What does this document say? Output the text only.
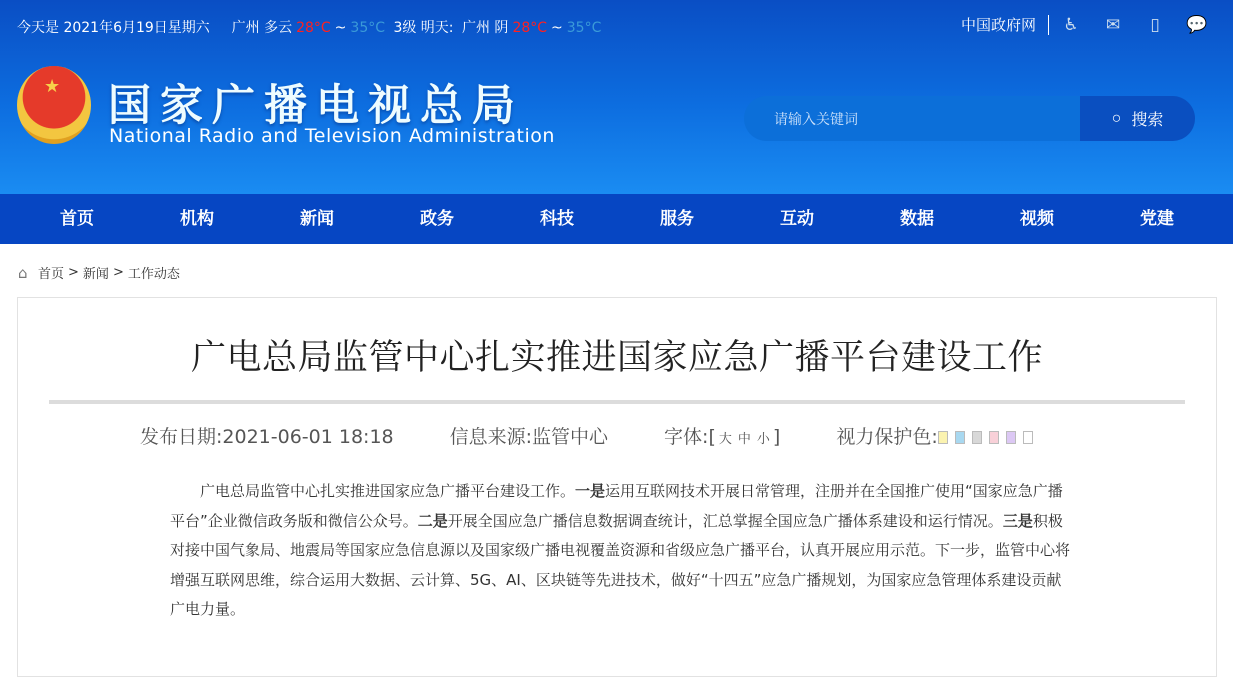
今天是 2021年6月19日星期六 广州 多云 28°C ~ 35°C 3级 明天: 广州 阴 28°C ~ 35°C	中国政府网 ♿ ✉	▯	💬
★
国家广播电视总局
National Radio and Television Administration
请输入关键词
○ 搜索
首页	机构	新闻	政务	科技	服务	互动	数据	视频	党建
⌂ 首页 > 新闻 > 工作动态
广电总局监管中心扎实推进国家应急广播平台建设工作
发布日期:2021-06-01 18:18	信息来源:监管中心	字体:[ 大 中 小 ]	视力保护色:

广电总局监管中心扎实推进国家应急广播平台建设工作。一是运用互联网技术开展日常管理，注册并在全国推广使用“国家应急广播平台”企业微信政务版和微信公众号。二是开展全国应急广播信息数据调查统计，汇总掌握全国应急广播体系建设和运行情况。三是积极对接中国气象局、地震局等国家应急信息源以及国家级广播电视覆盖资源和省级应急广播平台，认真开展应用示范。下一步，监管中心将增强互联网思维，综合运用大数据、云计算、5G、AI、区块链等先进技术，做好“十四五”应急广播规划，为国家应急管理体系建设贡献广电力量。
